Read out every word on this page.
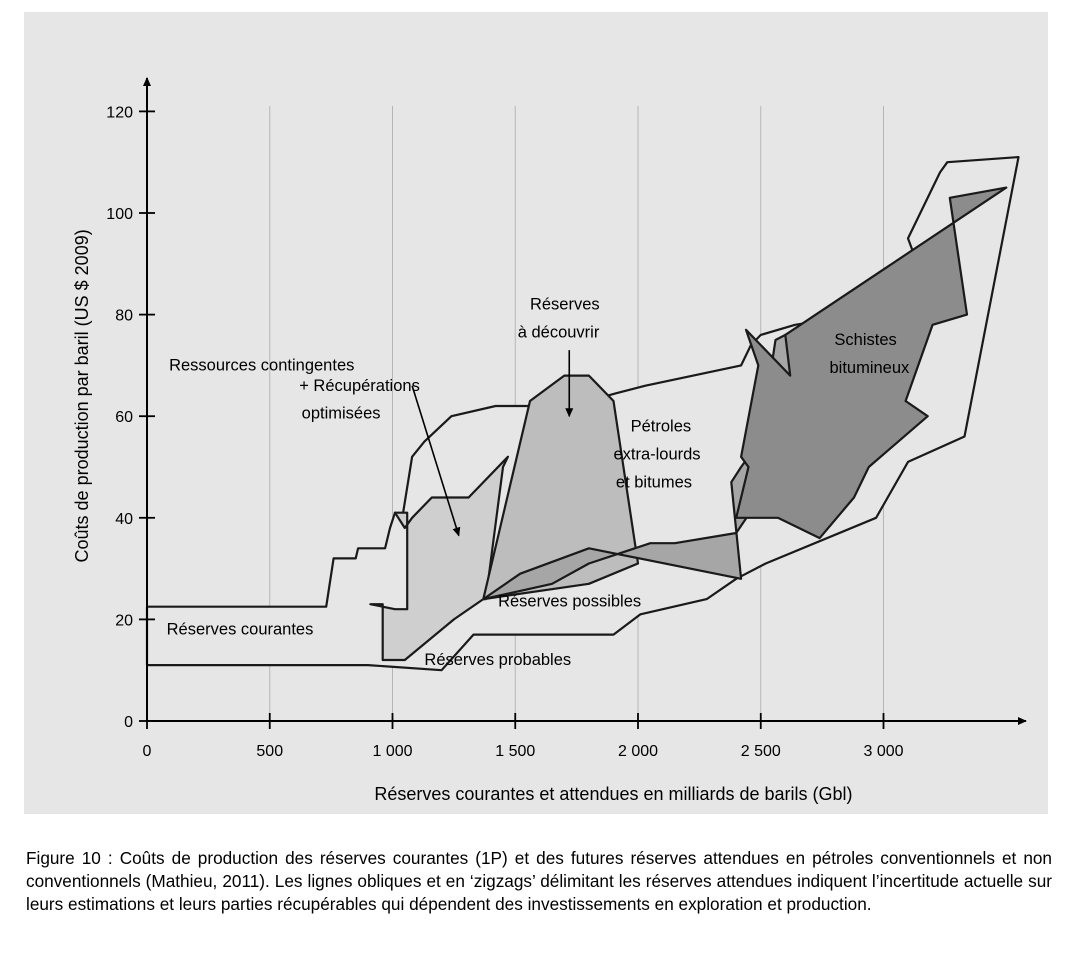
0
20
40
60
80
100
120
0	500	1 000	1 500	2 000	2 500	3 000
Réserves courantes et attendues en milliards de barils (Gbl)
Coûts de production par baril (US $ 2009)
Réserves courantes
Réserves probables
Réserves possibles
Ressources contingentes
+ Récupérations
optimisées
Réserves
à découvrir
Pétroles
extra-lourds
et bitumes
Schistes
bitumineux
Figure 10 : Coûts de production des réserves courantes (1P) et des futures réserves attendues en pétroles conventionnels et non conventionnels (Mathieu, 2011). Les lignes obliques et en ‘zigzags’ délimitant les réserves attendues indiquent l’incertitude actuelle sur leurs estimations et leurs parties récupérables qui dépendent des investissements en exploration et production.
